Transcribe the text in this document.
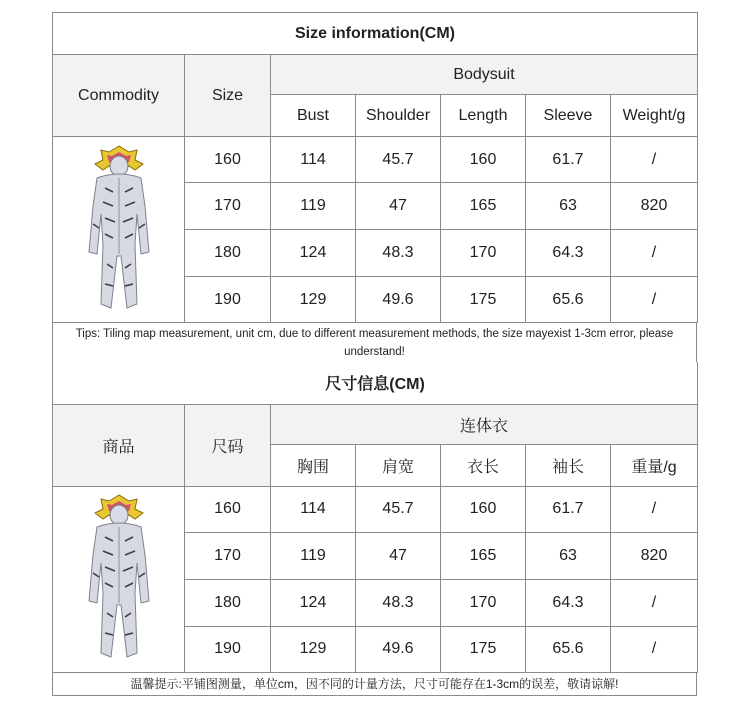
Size information(CM)						
Commodity	Size	Bodysuit				
		Bust	Shoulder	Length	Sleeve	Weight/g

	160	114	45.7	160	61.7	/
	170	119	47	165	63	820
	180	124	48.3	170	64.3	/
	190	129	49.6	175	65.6	/
Tips: Tiling map measurement, unit cm, due to different measurement methods, the size mayexist 1-3cm error, please
understand!
尺寸信息(CM)						
商品	尺码	连体衣				
		胸围	肩宽	衣长	袖长	重量/g

	160	114	45.7	160	61.7	/
	170	119	47	165	63	820
	180	124	48.3	170	64.3	/
	190	129	49.6	175	65.6	/
温馨提示:平铺图测量，单位cm，因不同的计量方法，尺寸可能存在1-3cm的误差，敬请谅解!
